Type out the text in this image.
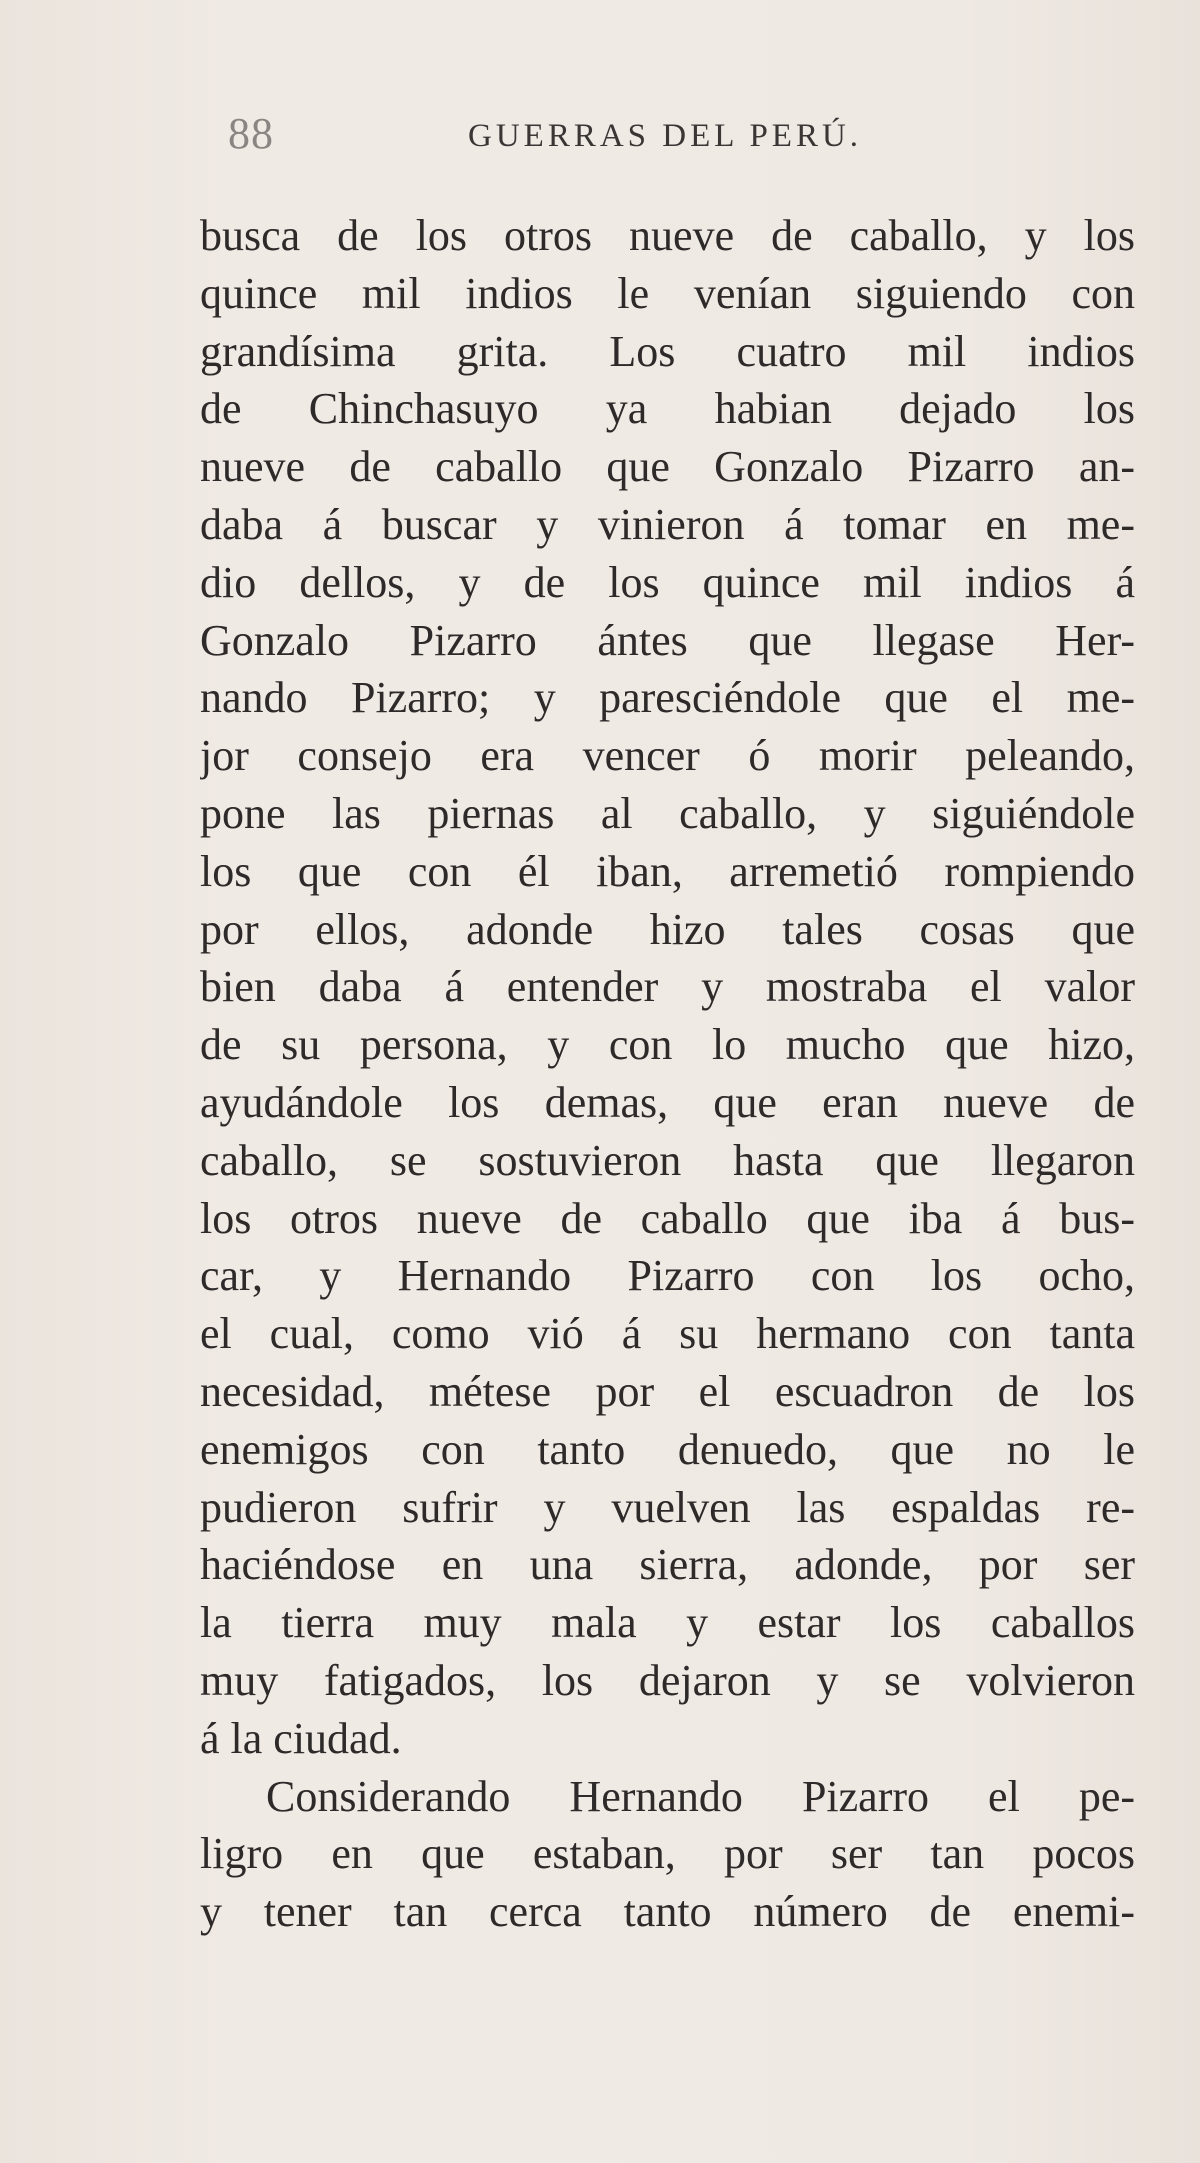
88	GUERRAS DEL PERÚ.
busca de los otros nueve de caballo, y los
quince mil indios le venían siguiendo con
grandísima grita. Los cuatro mil indios
de Chinchasuyo ya habian dejado los
nueve de caballo que Gonzalo Pizarro an-
daba á buscar y vinieron á tomar en me-
dio dellos, y de los quince mil indios á
Gonzalo Pizarro ántes que llegase Her-
nando Pizarro; y paresciéndole que el me-
jor consejo era vencer ó morir peleando,
pone las piernas al caballo, y siguiéndole
los que con él iban, arremetió rompiendo
por ellos, adonde hizo tales cosas que
bien daba á entender y mostraba el valor
de su persona, y con lo mucho que hizo,
ayudándole los demas, que eran nueve de
caballo, se sostuvieron hasta que llegaron
los otros nueve de caballo que iba á bus-
car, y Hernando Pizarro con los ocho,
el cual, como vió á su hermano con tanta
necesidad, métese por el escuadron de los
enemigos con tanto denuedo, que no le
pudieron sufrir y vuelven las espaldas re-
haciéndose en una sierra, adonde, por ser
la tierra muy mala y estar los caballos
muy fatigados, los dejaron y se volvieron
á la ciudad.
Considerando Hernando Pizarro el pe-
ligro en que estaban, por ser tan pocos
y tener tan cerca tanto número de enemi-
